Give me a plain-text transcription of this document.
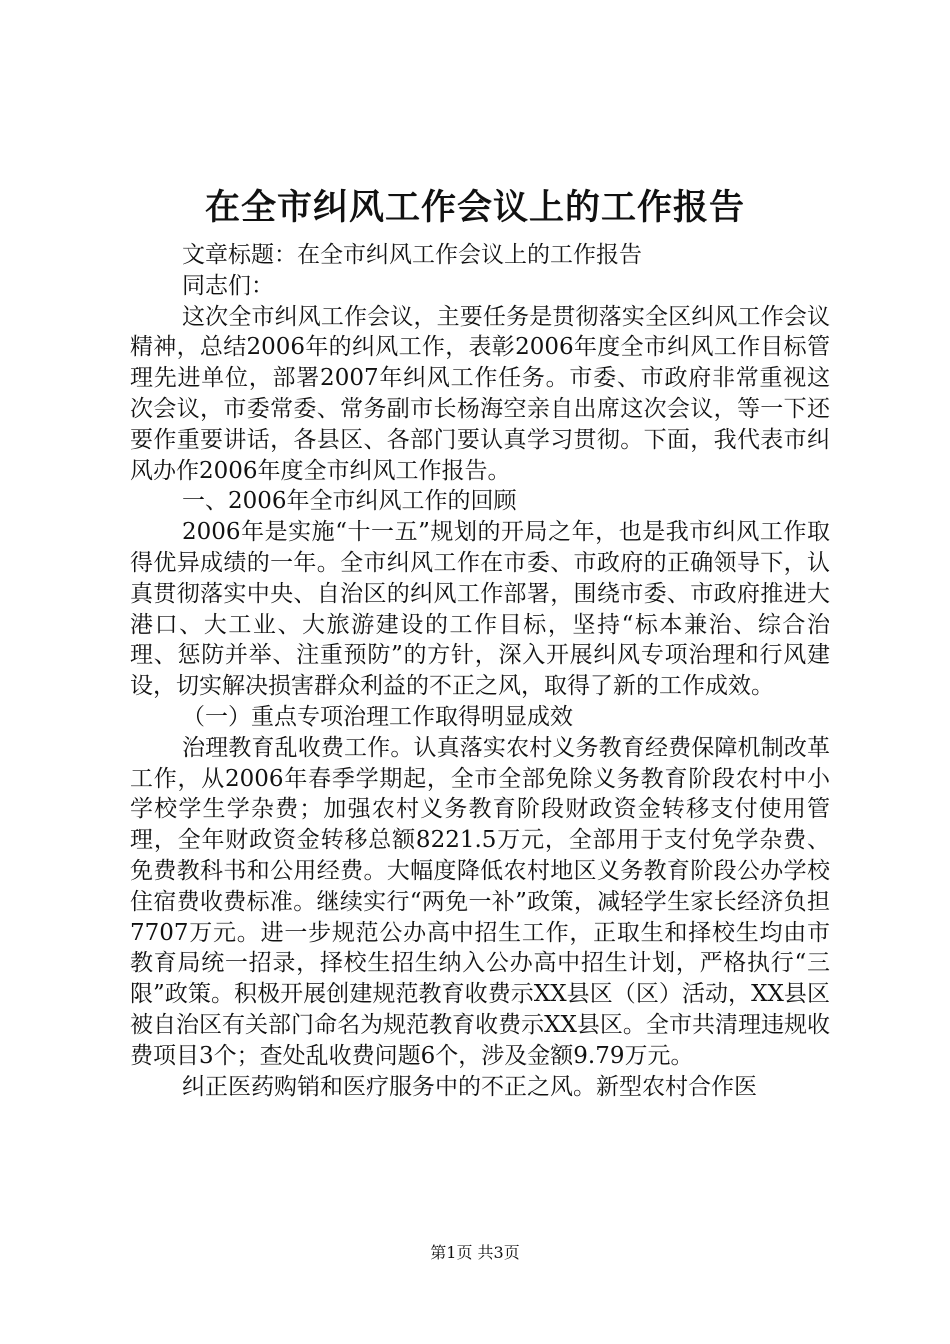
在全市纠风工作会议上的工作报告

文章标题：在全市纠风工作会议上的工作报告

同志们：

这次全市纠风工作会议，主要任务是贯彻落实全区纠风工作会议精神，总结2006年的纠风工作，表彰2006年度全市纠风工作目标管理先进单位，部署2007年纠风工作任务。市委、市政府非常重视这次会议，市委常委、常务副市长杨海空亲自出席这次会议，等一下还要作重要讲话，各县区、各部门要认真学习贯彻。下面，我代表市纠风办作2006年度全市纠风工作报告。

一、2006年全市纠风工作的回顾

2006年是实施“十一五”规划的开局之年，也是我市纠风工作取得优异成绩的一年。全市纠风工作在市委、市政府的正确领导下，认真贯彻落实中央、自治区的纠风工作部署，围绕市委、市政府推进大港口、大工业、大旅游建设的工作目标，坚持“标本兼治、综合治理、惩防并举、注重预防”的方针，深入开展纠风专项治理和行风建设，切实解决损害群众利益的不正之风，取得了新的工作成效。

（一）重点专项治理工作取得明显成效

治理教育乱收费工作。认真落实农村义务教育经费保障机制改革工作，从2006年春季学期起，全市全部免除义务教育阶段农村中小学校学生学杂费；加强农村义务教育阶段财政资金转移支付使用管理，全年财政资金转移总额8221.5万元，全部用于支付免学杂费、免费教科书和公用经费。大幅度降低农村地区义务教育阶段公办学校住宿费收费标准。继续实行“两免一补”政策，减轻学生家长经济负担7707万元。进一步规范公办高中招生工作，正取生和择校生均由市教育局统一招录，择校生招生纳入公办高中招生计划，严格执行“三限”政策。积极开展创建规范教育收费示XX县区（区）活动，XX县区被自治区有关部门命名为规范教育收费示XX县区。全市共清理违规收费项目3个；查处乱收费问题6个，涉及金额9.79万元。

纠正医药购销和医疗服务中的不正之风。新型农村合作医

第1页 共3页
